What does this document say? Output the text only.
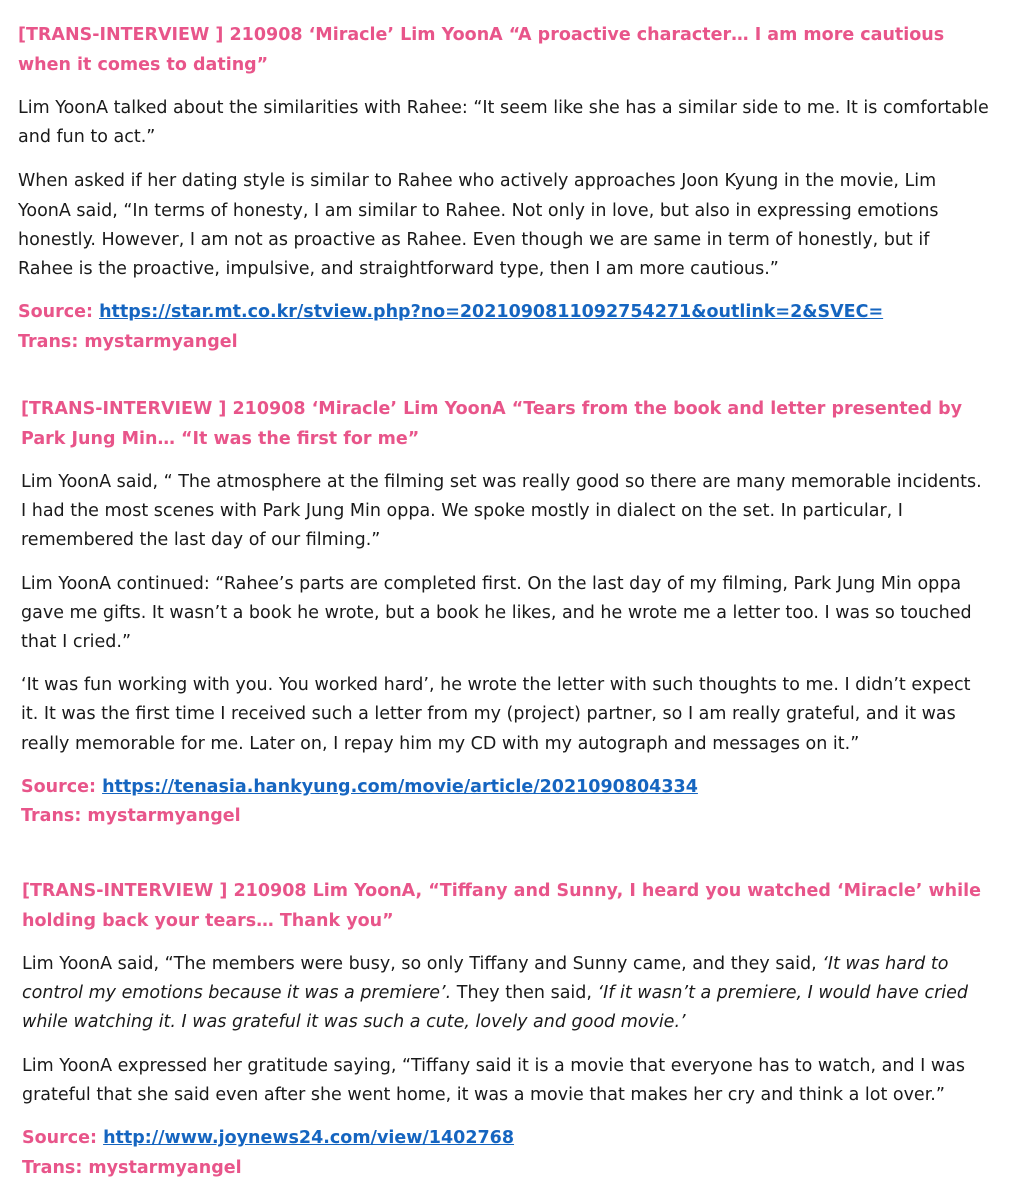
[TRANS-INTERVIEW ] 210908 ‘Miracle’ Lim YoonA “A proactive character… I am more cautious when it comes to dating”

Lim YoonA talked about the similarities with Rahee: “It seem like she has a similar side to me. It is comfortable and fun to act.”

When asked if her dating style is similar to Rahee who actively approaches Joon Kyung in the movie, Lim YoonA said, “In terms of honesty, I am similar to Rahee. Not only in love, but also in expressing emotions honestly. However, I am not as proactive as Rahee. Even though we are same in term of honestly, but if Rahee is the proactive, impulsive, and straightforward type, then I am more cautious.”

Source: https://star.mt.co.kr/stview.php?no=2021090811092754271&outlink=2&SVEC=

Trans: mystarmyangel

[TRANS-INTERVIEW ] 210908 ‘Miracle’ Lim YoonA “Tears from the book and letter presented by Park Jung Min… “It was the first for me”

Lim YoonA said, “ The atmosphere at the filming set was really good so there are many memorable incidents. I had the most scenes with Park Jung Min oppa. We spoke mostly in dialect on the set. In particular, I remembered the last day of our filming.”

Lim YoonA continued: “Rahee’s parts are completed first. On the last day of my filming, Park Jung Min oppa gave me gifts. It wasn’t a book he wrote, but a book he likes, and he wrote me a letter too. I was so touched that I cried.”

‘It was fun working with you. You worked hard’, he wrote the letter with such thoughts to me. I didn’t expect it. It was the first time I received such a letter from my (project) partner, so I am really grateful, and it was really memorable for me. Later on, I repay him my CD with my autograph and messages on it.”

Source: https://tenasia.hankyung.com/movie/article/2021090804334

Trans: mystarmyangel

[TRANS-INTERVIEW ] 210908 Lim YoonA, “Tiffany and Sunny, I heard you watched ‘Miracle’ while holding back your tears… Thank you”

Lim YoonA said, “The members were busy, so only Tiffany and Sunny came, and they said, ‘It was hard to control my emotions because it was a premiere’. They then said, ‘If it wasn’t a premiere, I would have cried while watching it. I was grateful it was such a cute, lovely and good movie.’

Lim YoonA expressed her gratitude saying, “Tiffany said it is a movie that everyone has to watch, and I was grateful that she said even after she went home, it was a movie that makes her cry and think a lot over.”

Source: http://www.joynews24.com/view/1402768

Trans: mystarmyangel
